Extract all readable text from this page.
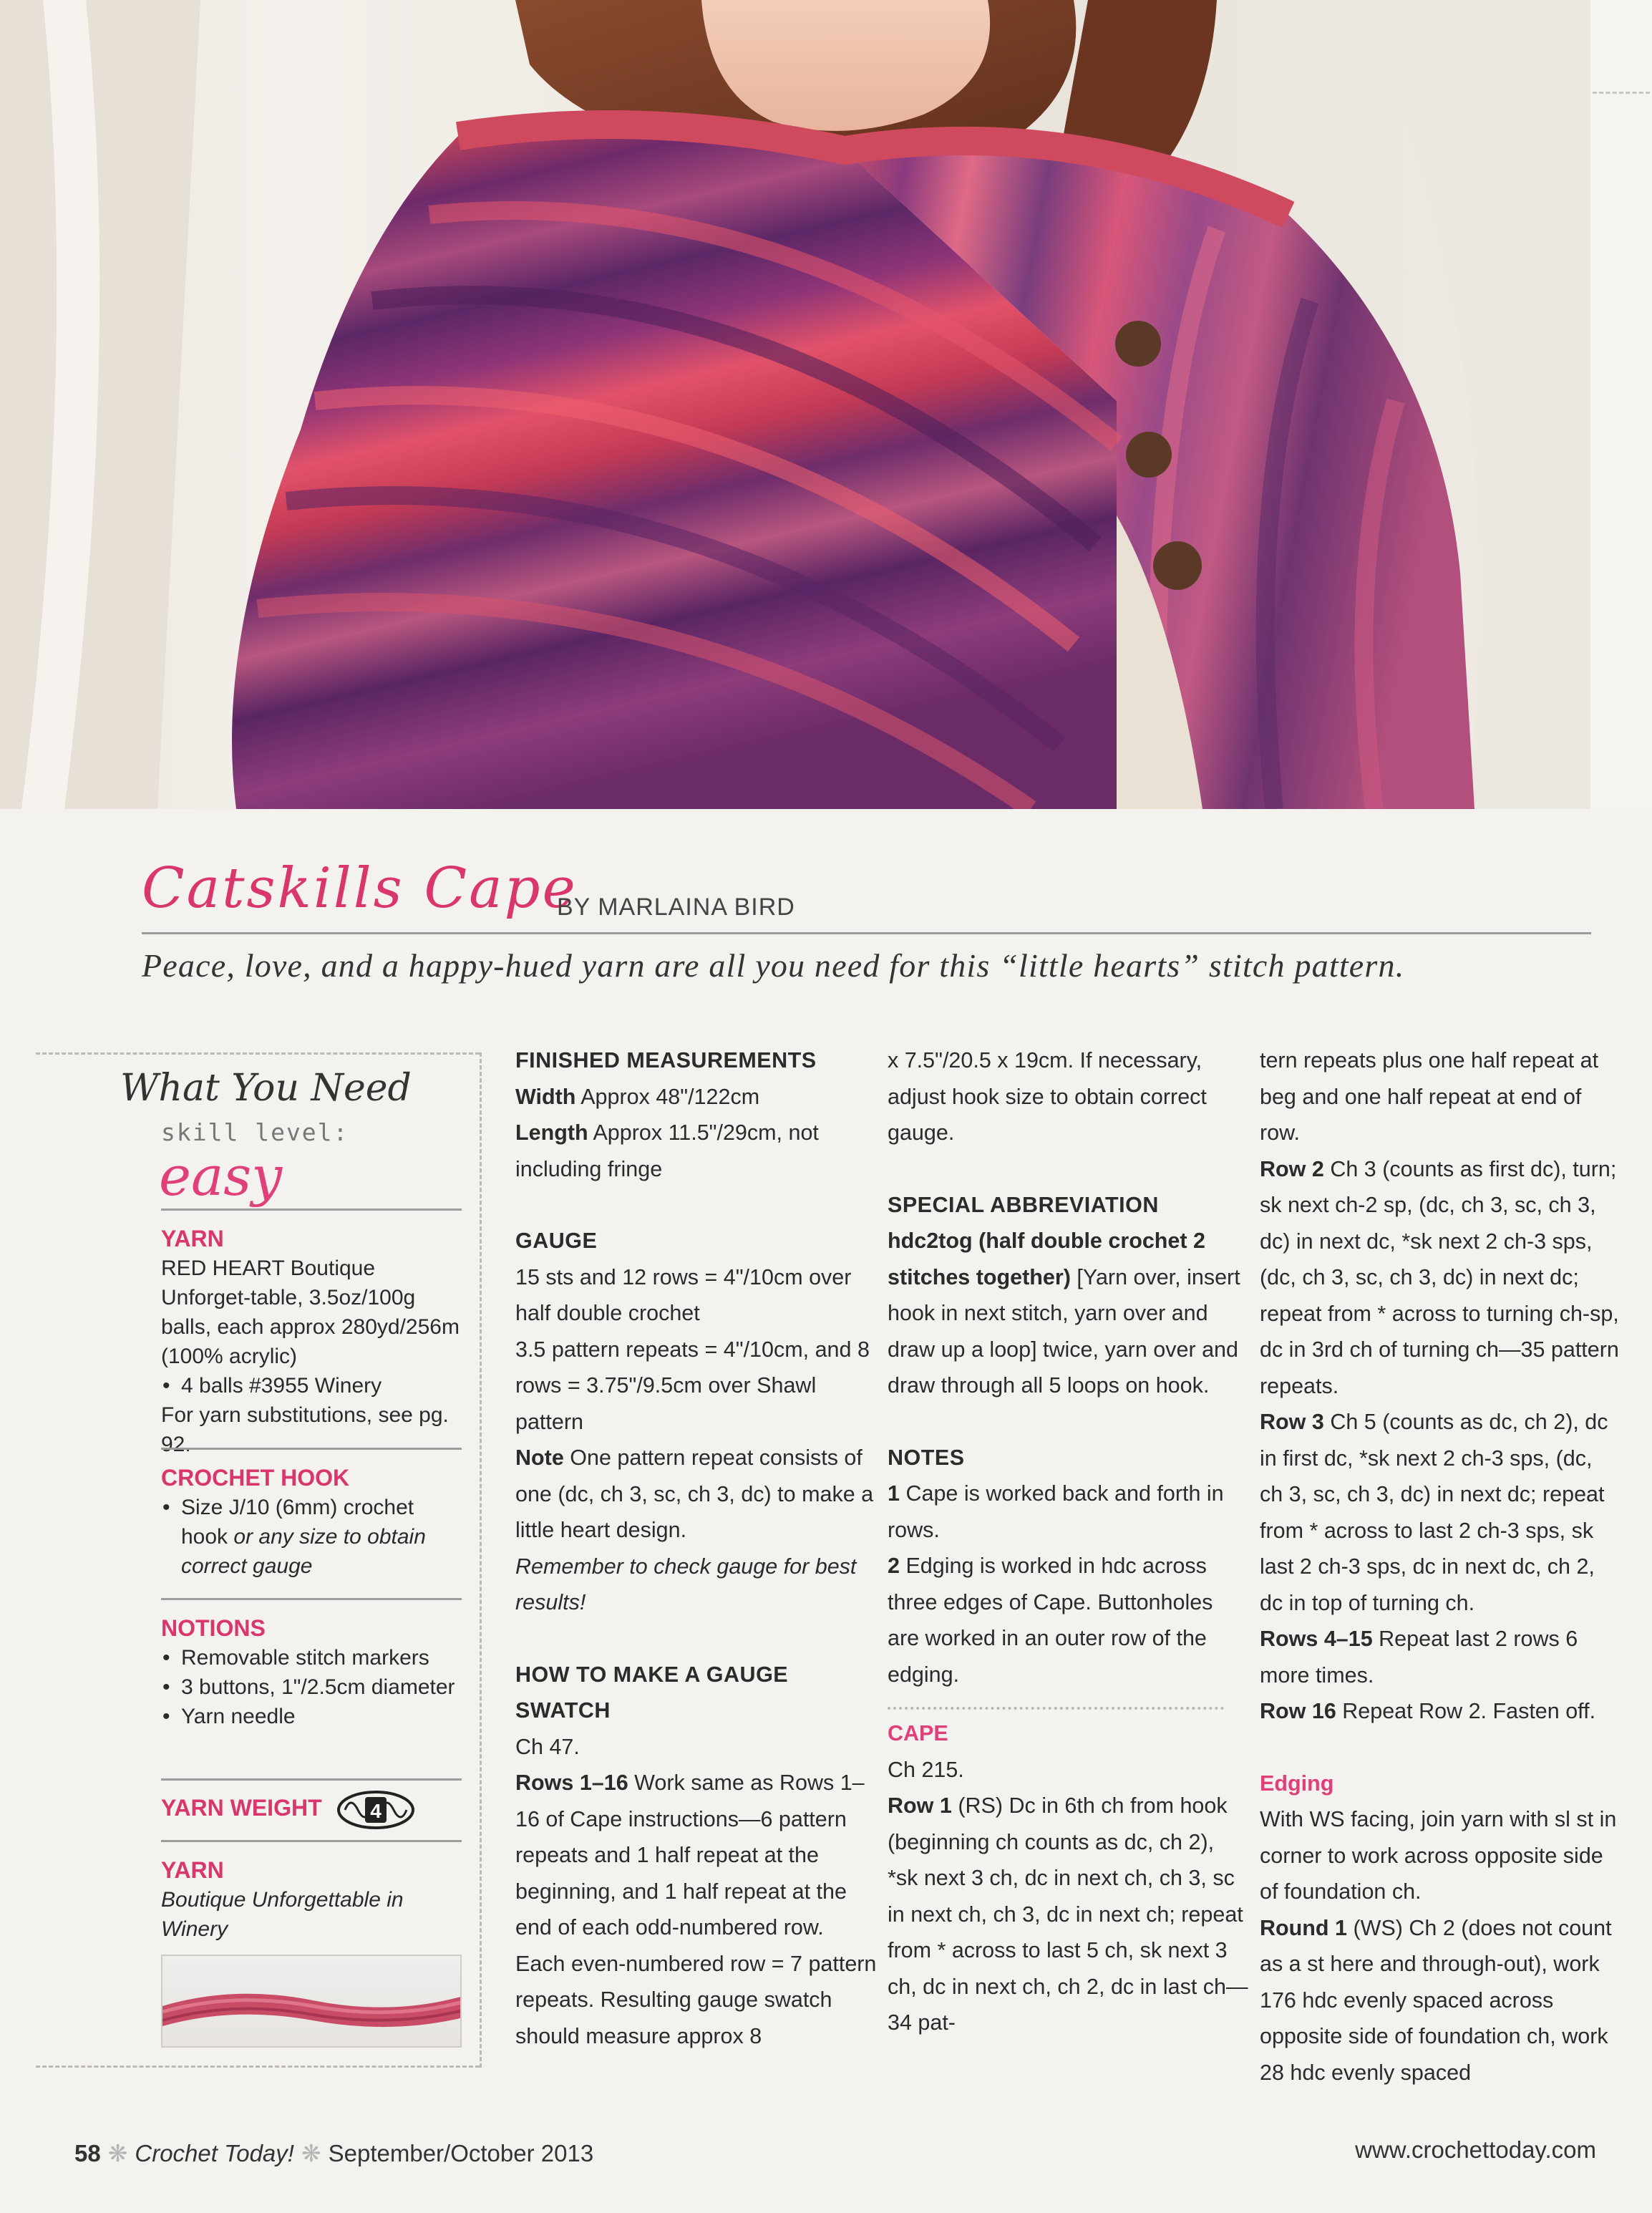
Catskills Cape
BY MARLAINA BIRD
Peace, love, and a happy-hued yarn are all you need for this “little hearts” stitch pattern.
What You Need
skill level:
easy
YARN

RED HEART Boutique Unforget-table, 3.5oz/100g balls, each approx 280yd/256m (100% acrylic)

• 4 balls #3955 Winery

For yarn substitutions, see pg. 92.

CROCHET HOOK
• Size J/10 (6mm) crochet hook or any size to obtain correct gauge
NOTIONS
• Removable stitch markers
• 3 buttons, 1"/2.5cm diameter
• Yarn needle
YARN WEIGHT 4
YARN

Boutique Unforgettable in Winery

FINISHED MEASUREMENTS

Width Approx 48"/122cm

Length Approx 11.5"/29cm, not including fringe

GAUGE

15 sts and 12 rows = 4"/10cm over half double crochet

3.5 pattern repeats = 4"/10cm, and 8 rows = 3.75"/9.5cm over Shawl pattern

Note One pattern repeat consists of one (dc, ch 3, sc, ch 3, dc) to make a little heart design.

Remember to check gauge for best results!

HOW TO MAKE A GAUGE SWATCH

Ch 47.

Rows 1–16 Work same as Rows 1–16 of Cape instructions—6 pattern repeats and 1 half repeat at the beginning, and 1 half repeat at the end of each odd-numbered row.

Each even-numbered row = 7 pattern repeats. Resulting gauge swatch should measure approx 8

x 7.5"/20.5 x 19cm. If necessary, adjust hook size to obtain correct gauge.

SPECIAL ABBREVIATION

hdc2tog (half double crochet 2 stitches together) [Yarn over, insert hook in next stitch, yarn over and draw up a loop] twice, yarn over and draw through all 5 loops on hook.

NOTES

1 Cape is worked back and forth in rows.

2 Edging is worked in hdc across three edges of Cape. Buttonholes are worked in an outer row of the edging.

CAPE

Ch 215.

Row 1 (RS) Dc in 6th ch from hook (beginning ch counts as dc, ch 2), *sk next 3 ch, dc in next ch, ch 3, sc in next ch, ch 3, dc in next ch; repeat from * across to last 5 ch, sk next 3 ch, dc in next ch, ch 2, dc in last ch—34 pat-

tern repeats plus one half repeat at beg and one half repeat at end of row.

Row 2 Ch 3 (counts as first dc), turn; sk next ch-2 sp, (dc, ch 3, sc, ch 3, dc) in next dc, *sk next 2 ch-3 sps, (dc, ch 3, sc, ch 3, dc) in next dc; repeat from * across to turning ch-sp, dc in 3rd ch of turning ch—35 pattern repeats.

Row 3 Ch 5 (counts as dc, ch 2), dc in first dc, *sk next 2 ch-3 sps, (dc, ch 3, sc, ch 3, dc) in next dc; repeat from * across to last 2 ch-3 sps, sk last 2 ch-3 sps, dc in next dc, ch 2, dc in top of turning ch.

Rows 4–15 Repeat last 2 rows 6 more times.

Row 16 Repeat Row 2. Fasten off.

Edging

With WS facing, join yarn with sl st in corner to work across opposite side of foundation ch.

Round 1 (WS) Ch 2 (does not count as a st here and through-out), work 176 hdc evenly spaced across opposite side of foundation ch, work 28 hdc evenly spaced

58 ❋ Crochet Today! ❋ September/October 2013	www.crochettoday.com
